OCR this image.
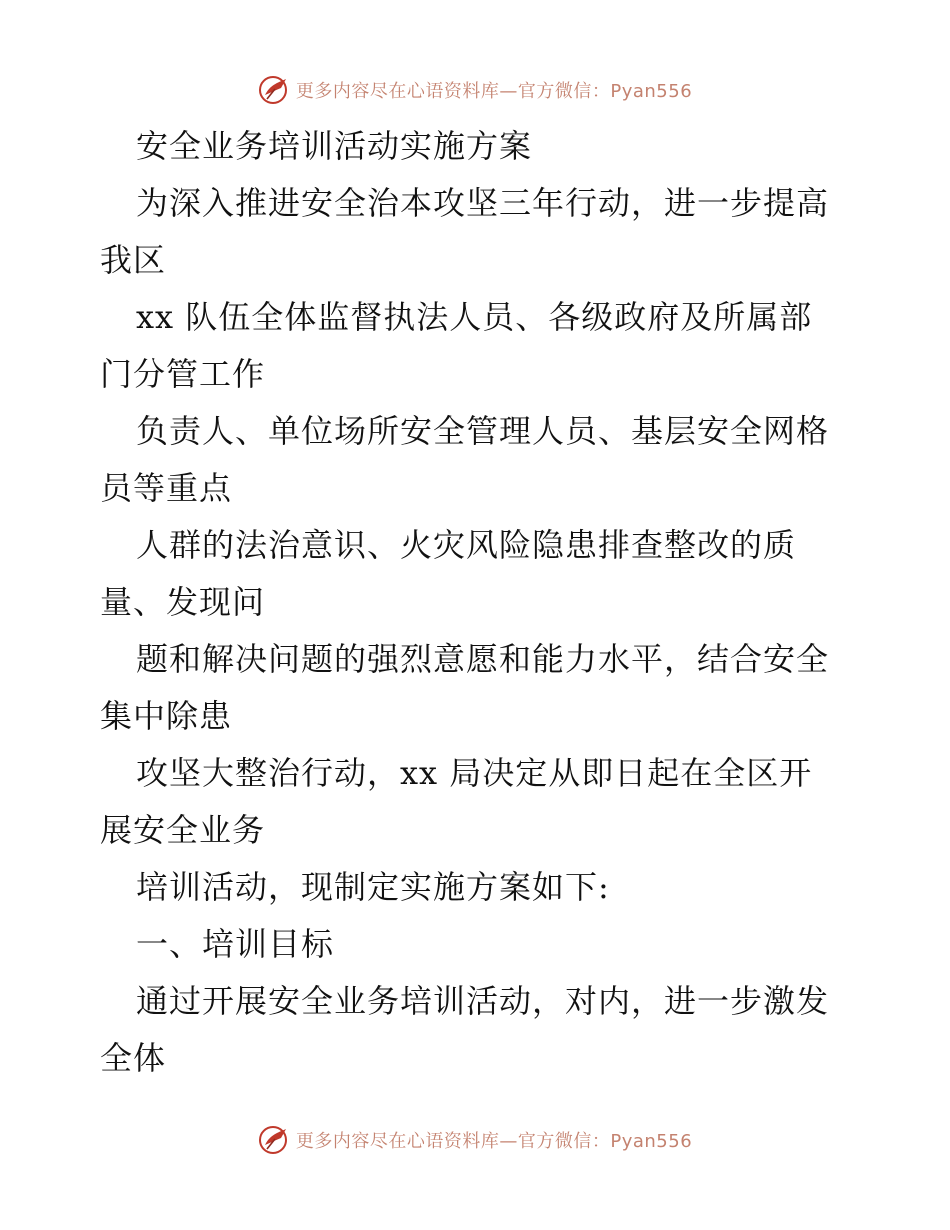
更多内容尽在心语资料库—官方微信：Pyan556
安全业务培训活动实施方案
为深入推进安全治本攻坚三年行动，进一步提高
我区
xx 队伍全体监督执法人员、各级政府及所属部
门分管工作
负责人、单位场所安全管理人员、基层安全网格
员等重点
人群的法治意识、火灾风险隐患排查整改的质
量、发现问
题和解决问题的强烈意愿和能力水平，结合安全
集中除患
攻坚大整治行动，xx 局决定从即日起在全区开
展安全业务
培训活动，现制定实施方案如下:
一、培训目标
通过开展安全业务培训活动，对内，进一步激发
全体
更多内容尽在心语资料库—官方微信：Pyan556
